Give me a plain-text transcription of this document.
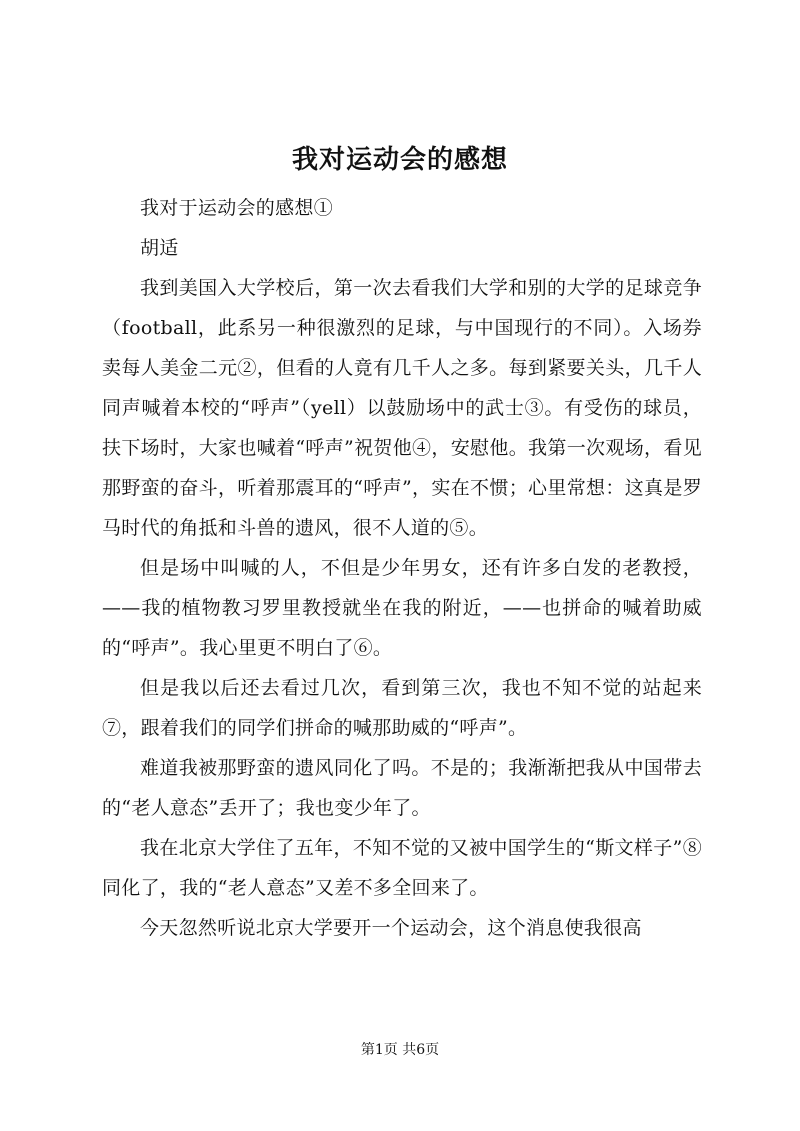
我对运动会的感想

我对于运动会的感想①

胡适

我到美国入大学校后，第一次去看我们大学和别的大学的足球竞争（football，此系另一种很激烈的足球，与中国现行的不同）。入场券卖每人美金二元②，但看的人竟有几千人之多。每到紧要关头，几千人同声喊着本校的“呼声”（yell）以鼓励场中的武士③。有受伤的球员，扶下场时，大家也喊着“呼声”祝贺他④，安慰他。我第一次观场，看见那野蛮的奋斗，听着那震耳的“呼声”，实在不惯；心里常想：这真是罗马时代的角抵和斗兽的遗风，很不人道的⑤。

但是场中叫喊的人，不但是少年男女，还有许多白发的老教授，——我的植物教习罗里教授就坐在我的附近，——也拼命的喊着助威的“呼声”。我心里更不明白了⑥。

但是我以后还去看过几次，看到第三次，我也不知不觉的站起来⑦，跟着我们的同学们拼命的喊那助威的“呼声”。

难道我被那野蛮的遗风同化了吗。不是的；我渐渐把我从中国带去的“老人意态”丢开了；我也变少年了。

我在北京大学住了五年，不知不觉的又被中国学生的“斯文样子”⑧同化了，我的“老人意态”又差不多全回来了。

今天忽然听说北京大学要开一个运动会，这个消息使我很高

第1页 共6页
